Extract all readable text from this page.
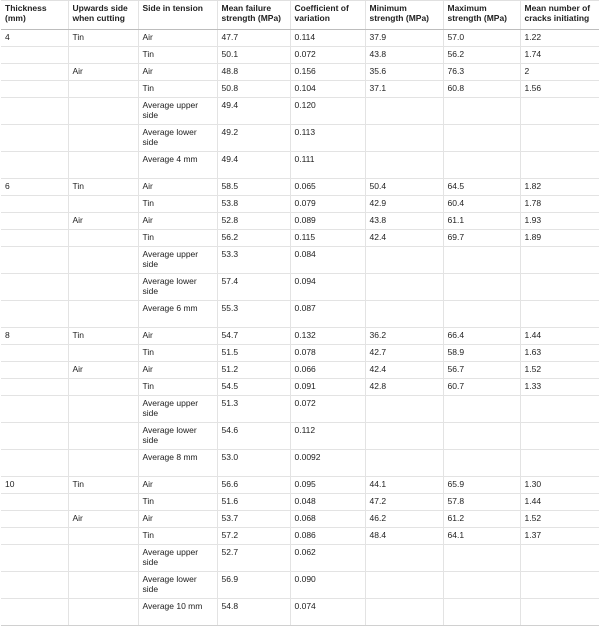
Thickness (mm)	Upwards side when cutting	Side in tension	Mean failure strength (MPa)	Coefficient of variation	Minimum strength (MPa)	Maximum strength (MPa)	Mean number of cracks initiating
4	Tin	Air	47.7	0.114	37.9	57.0	1.22
		Tin	50.1	0.072	43.8	56.2	1.74
	Air	Air	48.8	0.156	35.6	76.3	2
		Tin	50.8	0.104	37.1	60.8	1.56
		Average upper side	49.4	0.120			
		Average lower side	49.2	0.113			
		Average 4 mm	49.4	0.111			
6	Tin	Air	58.5	0.065	50.4	64.5	1.82
		Tin	53.8	0.079	42.9	60.4	1.78
	Air	Air	52.8	0.089	43.8	61.1	1.93
		Tin	56.2	0.115	42.4	69.7	1.89
		Average upper side	53.3	0.084			
		Average lower side	57.4	0.094			
		Average 6 mm	55.3	0.087			
8	Tin	Air	54.7	0.132	36.2	66.4	1.44
		Tin	51.5	0.078	42.7	58.9	1.63
	Air	Air	51.2	0.066	42.4	56.7	1.52
		Tin	54.5	0.091	42.8	60.7	1.33
		Average upper side	51.3	0.072			
		Average lower side	54.6	0.112			
		Average 8 mm	53.0	0.0092			
10	Tin	Air	56.6	0.095	44.1	65.9	1.30
		Tin	51.6	0.048	47.2	57.8	1.44
	Air	Air	53.7	0.068	46.2	61.2	1.52
		Tin	57.2	0.086	48.4	64.1	1.37
		Average upper side	52.7	0.062			
		Average lower side	56.9	0.090			
		Average 10 mm	54.8	0.074			
